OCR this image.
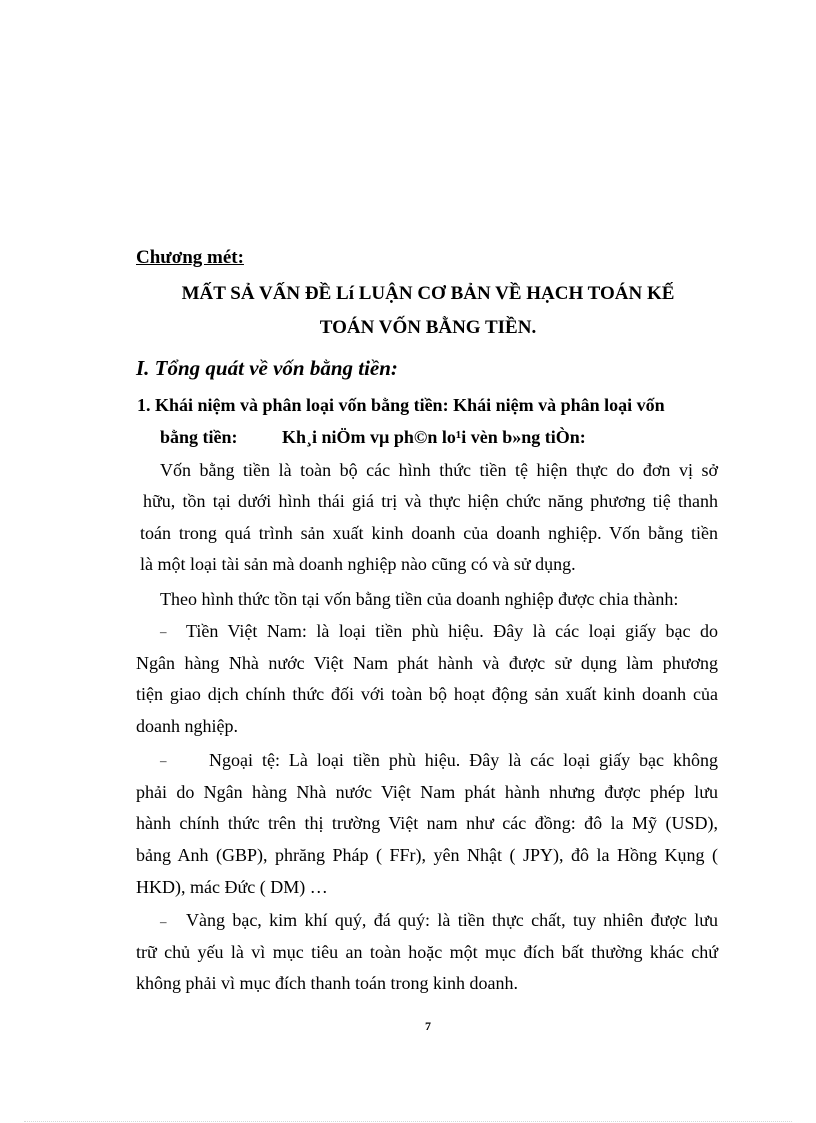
Chương mét:
MẤT SẢ VẤN ĐỀ Lí LUẬN CƠ BẢN VỀ HẠCH TOÁN KẾ
TOÁN VỐN BẰNG TIỀN.
I. Tổng quát về vốn bằng tiền:
1. Khái niệm và phân loại vốn bằng tiền: Khái niệm và phân loại vốn
bằng tiền: Kh¸i niÖm vµ ph©n lo¹i vèn b»ng tiÒn:
Vốn bằng tiền là toàn bộ các hình thức tiền tệ hiện thực do đơn vị sở
hữu, tồn tại dưới hình thái giá trị và thực hiện chức năng phương tiệ thanh
toán trong quá trình sản xuất kinh doanh của doanh nghiệp. Vốn bằng tiền
là một loại tài sản mà doanh nghiệp nào cũng có và sử dụng.
Theo hình thức tồn tại vốn bằng tiền của doanh nghiệp được chia thành:
– Tiền Việt Nam: là loại tiền phù hiệu. Đây là các loại giấy bạc do
Ngân hàng Nhà nước Việt Nam phát hành và được sử dụng làm phương
tiện giao dịch chính thức đối với toàn bộ hoạt động sản xuất kinh doanh của
doanh nghiệp.
– Ngoại tệ: Là loại tiền phù hiệu. Đây là các loại giấy bạc không
phải do Ngân hàng Nhà nước Việt Nam phát hành nhưng được phép lưu
hành chính thức trên thị trường Việt nam như các đồng: đô la Mỹ (USD),
bảng Anh (GBP), phrăng Pháp ( FFr), yên Nhật ( JPY), đô la Hồng Kụng (
HKD), mác Đức ( DM) …
– Vàng bạc, kim khí quý, đá quý: là tiền thực chất, tuy nhiên được lưu
trữ chủ yếu là vì mục tiêu an toàn hoặc một mục đích bất thường khác chứ
không phải vì mục đích thanh toán trong kinh doanh.
7
